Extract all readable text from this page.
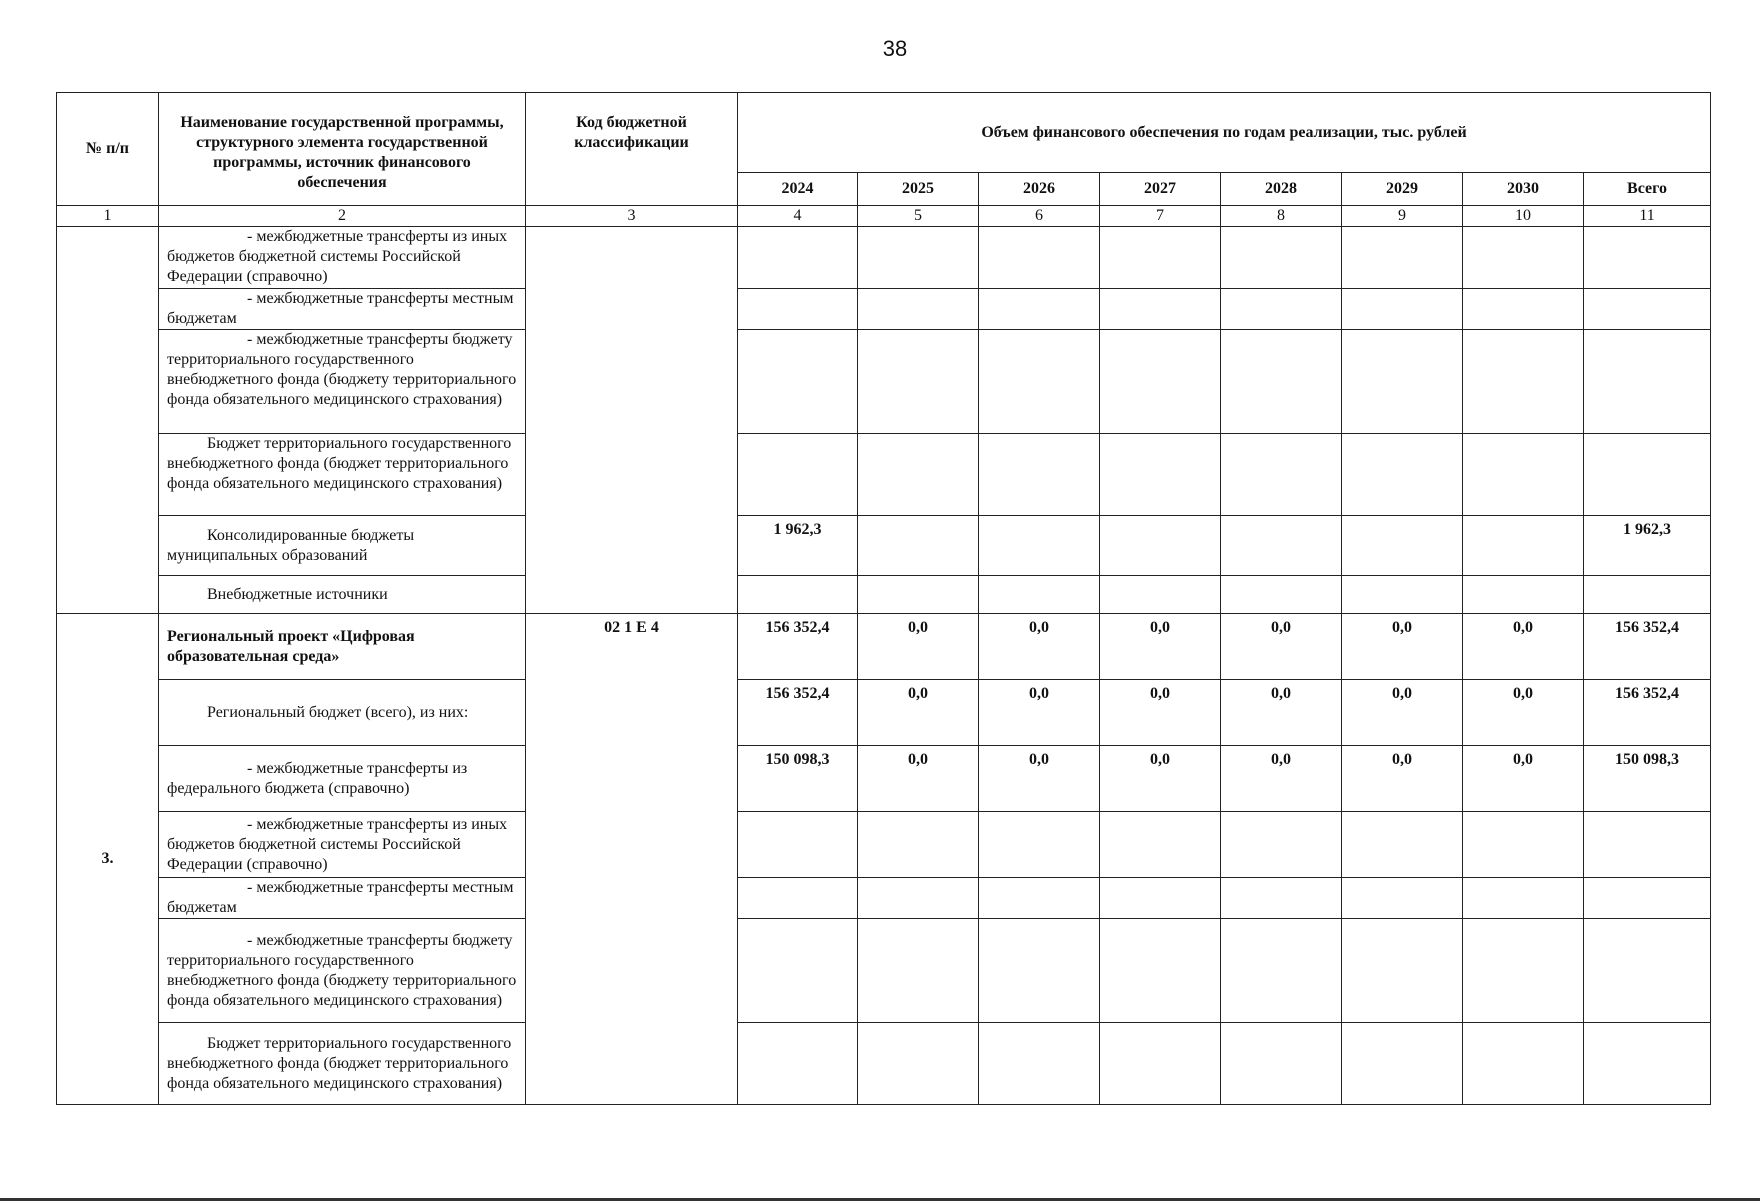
38
№ п/п	Наименование государственной программы, структурного элемента государственной программы, источник финансового обеспечения	Код бюджетной классификации	Объем финансового обеспечения по годам реализации, тыс. рублей							
			2024	2025	2026	2027	2028	2029	2030	Всего
1	2	3	4	5	6	7	8	9	10	11
	- межбюджетные трансферты из иных бюджетов бюджетной системы Российской Федерации (справочно)									
	- межбюджетные трансферты местным бюджетам									
	- межбюджетные трансферты бюджету территориального государственного внебюджетного фонда (бюджету территориального фонда обязательного медицинского страхования)									
	Бюджет территориального государственного внебюджетного фонда (бюджет территориального фонда обязательного медицинского страхования)									
	Консолидированные бюджеты муниципальных образований		1 962,3							1 962,3
	Внебюджетные источники									
3.	Региональный проект «Цифровая образовательная среда»	02 1 E 4	156 352,4	0,0	0,0	0,0	0,0	0,0	0,0	156 352,4
	Региональный бюджет (всего), из них:		156 352,4	0,0	0,0	0,0	0,0	0,0	0,0	156 352,4
	- межбюджетные трансферты из федерального бюджета (справочно)		150 098,3	0,0	0,0	0,0	0,0	0,0	0,0	150 098,3
	- межбюджетные трансферты из иных бюджетов бюджетной системы Российской Федерации (справочно)									
	- межбюджетные трансферты местным бюджетам									
	- межбюджетные трансферты бюджету территориального государственного внебюджетного фонда (бюджету территориального фонда обязательного медицинского страхования)									
	Бюджет территориального государственного внебюджетного фонда (бюджет территориального фонда обязательного медицинского страхования)									
